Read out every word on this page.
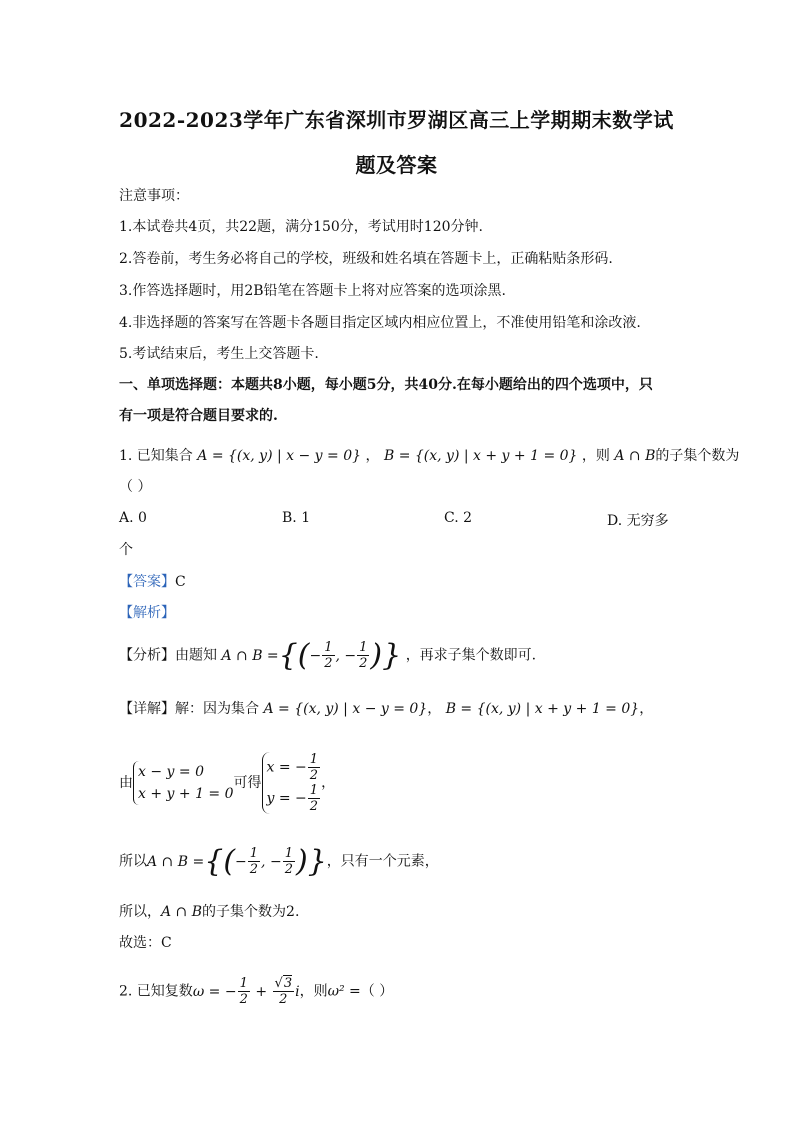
2022-2023学年广东省深圳市罗湖区高三上学期期末数学试
题及答案
注意事项：
1.本试卷共4页，共22题，满分150分，考试用时120分钟.
2.答卷前，考生务必将自己的学校，班级和姓名填在答题卡上，正确粘贴条形码.
3.作答选择题时，用2B铅笔在答题卡上将对应答案的选项涂黑.
4.非选择题的答案写在答题卡各题目指定区域内相应位置上，不准使用铅笔和涂改液.
5.考试结束后，考生上交答题卡.
一、单项选择题：本题共8小题，每小题5分，共40分.在每小题给出的四个选项中，只
有一项是符合题目要求的.
1. 已知集合 A = {(x, y) | x − y = 0} ， B = {(x, y) | x + y + 1 = 0} ，则 A ∩ B的子集个数为
（ ）
A. 0	B. 1	C. 2	D. 无穷多
个
【答案】C
【解析】
【分析】由题知 A ∩ B ={(− $\frac{1}{2}$ , − $\frac{1}{2}$ )} ，再求子集个数即可.
【详解】解：因为集合 A = {(x, y) | x − y = 0}， B = {(x, y) | x + y + 1 = 0}，
由
x − y = 0
x + y + 1 = 0
可得
x = − $\frac{1}{2}$
y = − $\frac{1}{2}$ ，
所以A ∩ B ={(− $\frac{1}{2}$ , − $\frac{1}{2}$ )}，只有一个元素，
所以，A ∩ B的子集个数为2.
故选：C
2. 已知复数ω = − $\frac{1}{2} + \frac{√3}{2}$ i，则ω² =（ ）
